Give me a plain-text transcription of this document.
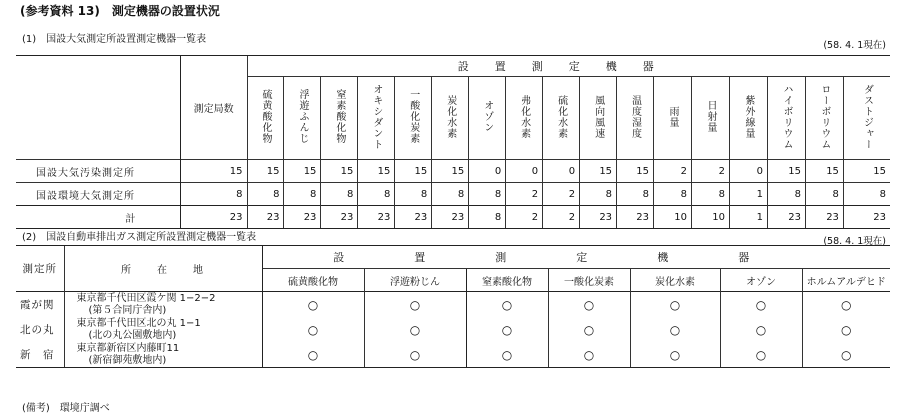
(参考資料 13)　測定機器の設置状況
(1)　国設大気測定所設置測定機器一覧表
(58. 4. 1現在)
	測定局数	設置測定機器																
		硫黄酸化物	浮遊ふんじ	窒素酸化物	オキシダント	一酸化炭素	炭化水素	オゾン	弗化水素	硫化水素	風向風速	温度湿度	雨量	日射量	紫外線量	ハイボリウム	ローボリウム	ダストジャー
国設大気汚染測定所	15	15	15	15	15	15	15	0	0	0	15	15	2	2	0	15	15	15
国設環境大気測定所	8	8	8	8	8	8	8	8	2	2	8	8	8	8	1	8	8	8
計	23	23	23	23	23	23	23	8	2	2	23	23	10	10	1	23	23	23
(2)　国設自動車排出ガス測定所設置測定機器一覧表	(58. 4. 1現在)
測定所	所　　在　　地	設置測定機器						
		硫黄酸化物	浮遊粉じん	窒素酸化物	一酸化炭素	炭化水素	オゾン	ホルムアルデヒド
霞が関	東京都千代田区霞ケ関 1−2−2
(第５合同庁舎内)	○	○	○	○	○	○	○
北の丸	東京都千代田区北の丸 1−1
(北の丸公園敷地内)	○	○	○	○	○	○	○
新　宿	東京都新宿区内藤町11
(新宿御苑敷地内)	○	○	○	○	○	○	○
(備考)　環境庁調べ
